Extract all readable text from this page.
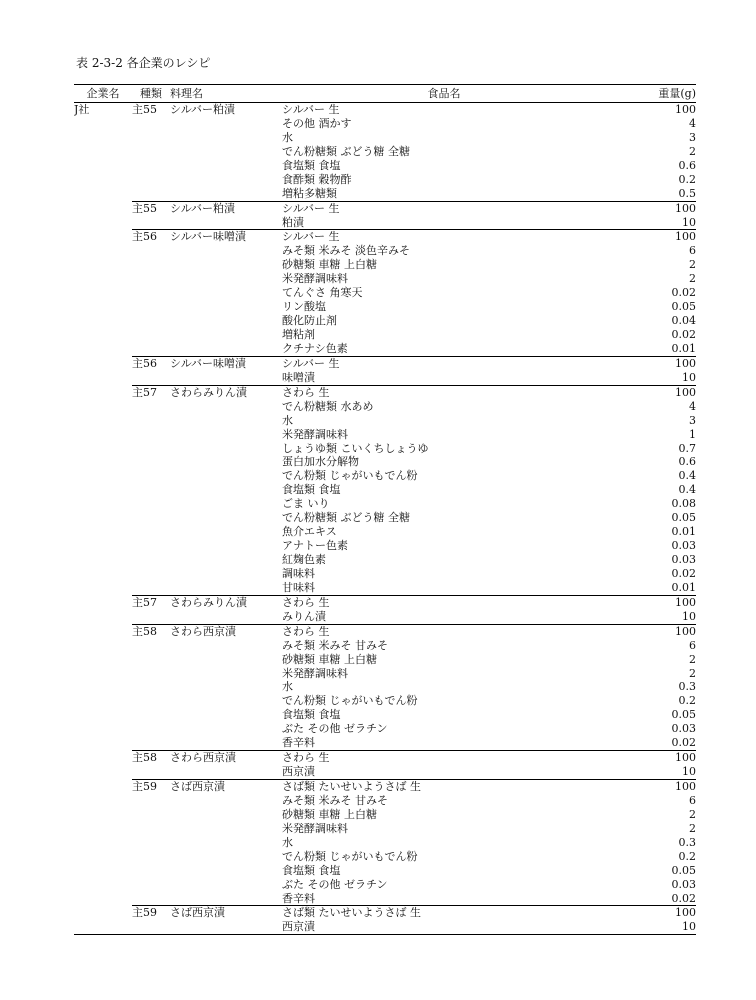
表 2-3-2 各企業のレシピ
企業名	種類	料理名	食品名	重量(g)
J社	主55	シルバー粕漬	シルバー 生	100
			その他 酒かす	4
			水	3
			でん粉糖類 ぶどう糖 全糖	2
			食塩類 食塩	0.6
			食酢類 穀物酢	0.2
			増粘多糖類	0.5
	主55	シルバー粕漬	シルバー 生	100
			粕漬	10
	主56	シルバー味噌漬	シルバー 生	100
			みそ類 米みそ 淡色辛みそ	6
			砂糖類 車糖 上白糖	2
			米発酵調味料	2
			てんぐさ 角寒天	0.02
			リン酸塩	0.05
			酸化防止剤	0.04
			増粘剤	0.02
			クチナシ色素	0.01
	主56	シルバー味噌漬	シルバー 生	100
			味噌漬	10
	主57	さわらみりん漬	さわら 生	100
			でん粉糖類 水あめ	4
			水	3
			米発酵調味料	1
			しょうゆ類 こいくちしょうゆ	0.7
			蛋白加水分解物	0.6
			でん粉類 じゃがいもでん粉	0.4
			食塩類 食塩	0.4
			ごま いり	0.08
			でん粉糖類 ぶどう糖 全糖	0.05
			魚介エキス	0.01
			アナトー色素	0.03
			紅麹色素	0.03
			調味料	0.02
			甘味料	0.01
	主57	さわらみりん漬	さわら 生	100
			みりん漬	10
	主58	さわら西京漬	さわら 生	100
			みそ類 米みそ 甘みそ	6
			砂糖類 車糖 上白糖	2
			米発酵調味料	2
			水	0.3
			でん粉類 じゃがいもでん粉	0.2
			食塩類 食塩	0.05
			ぶた その他 ゼラチン	0.03
			香辛料	0.02
	主58	さわら西京漬	さわら 生	100
			西京漬	10
	主59	さば西京漬	さば類 たいせいようさば 生	100
			みそ類 米みそ 甘みそ	6
			砂糖類 車糖 上白糖	2
			米発酵調味料	2
			水	0.3
			でん粉類 じゃがいもでん粉	0.2
			食塩類 食塩	0.05
			ぶた その他 ゼラチン	0.03
			香辛料	0.02
	主59	さば西京漬	さば類 たいせいようさば 生	100
			西京漬	10
